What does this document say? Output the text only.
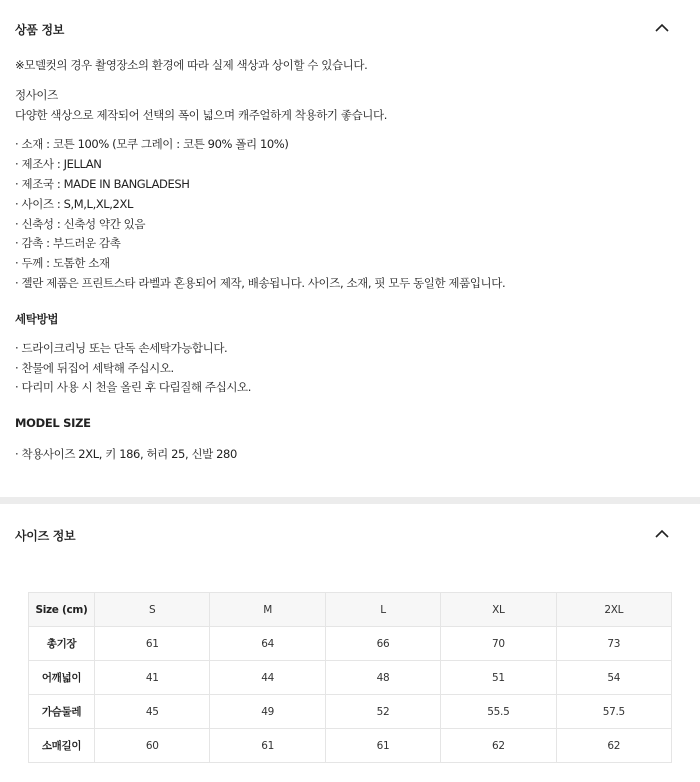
상품 정보
※모델컷의 경우 촬영장소의 환경에 따라 실제 색상과 상이할 수 있습니다.
정사이즈
다양한 색상으로 제작되어 선택의 폭이 넓으며 캐주얼하게 착용하기 좋습니다.
· 소재 : 코튼 100% (모쿠 그레이 : 코튼 90% 폴리 10%)
· 제조사 : JELLAN
· 제조국 : MADE IN BANGLADESH
· 사이즈 : S,M,L,XL,2XL
· 신축성 : 신축성 약간 있음
· 감촉 : 부드러운 감촉
· 두께 : 도톰한 소재
· 젤란 제품은 프린트스타 라벨과 혼용되어 제작, 배송됩니다. 사이즈, 소재, 핏 모두 동일한 제품입니다.
세탁방법
· 드라이크리닝 또는 단독 손세탁가능합니다.
· 찬물에 뒤집어 세탁해 주십시오.
· 다리미 사용 시 천을 올린 후 다림질해 주십시오.
MODEL SIZE
· 착용사이즈 2XL, 키 186, 허리 25, 신발 280
사이즈 정보
Size (cm)	S	M	L	XL	2XL
총기장	61	64	66	70	73
어깨넓이	41	44	48	51	54
가슴둘레	45	49	52	55.5	57.5
소매길이	60	61	61	62	62
